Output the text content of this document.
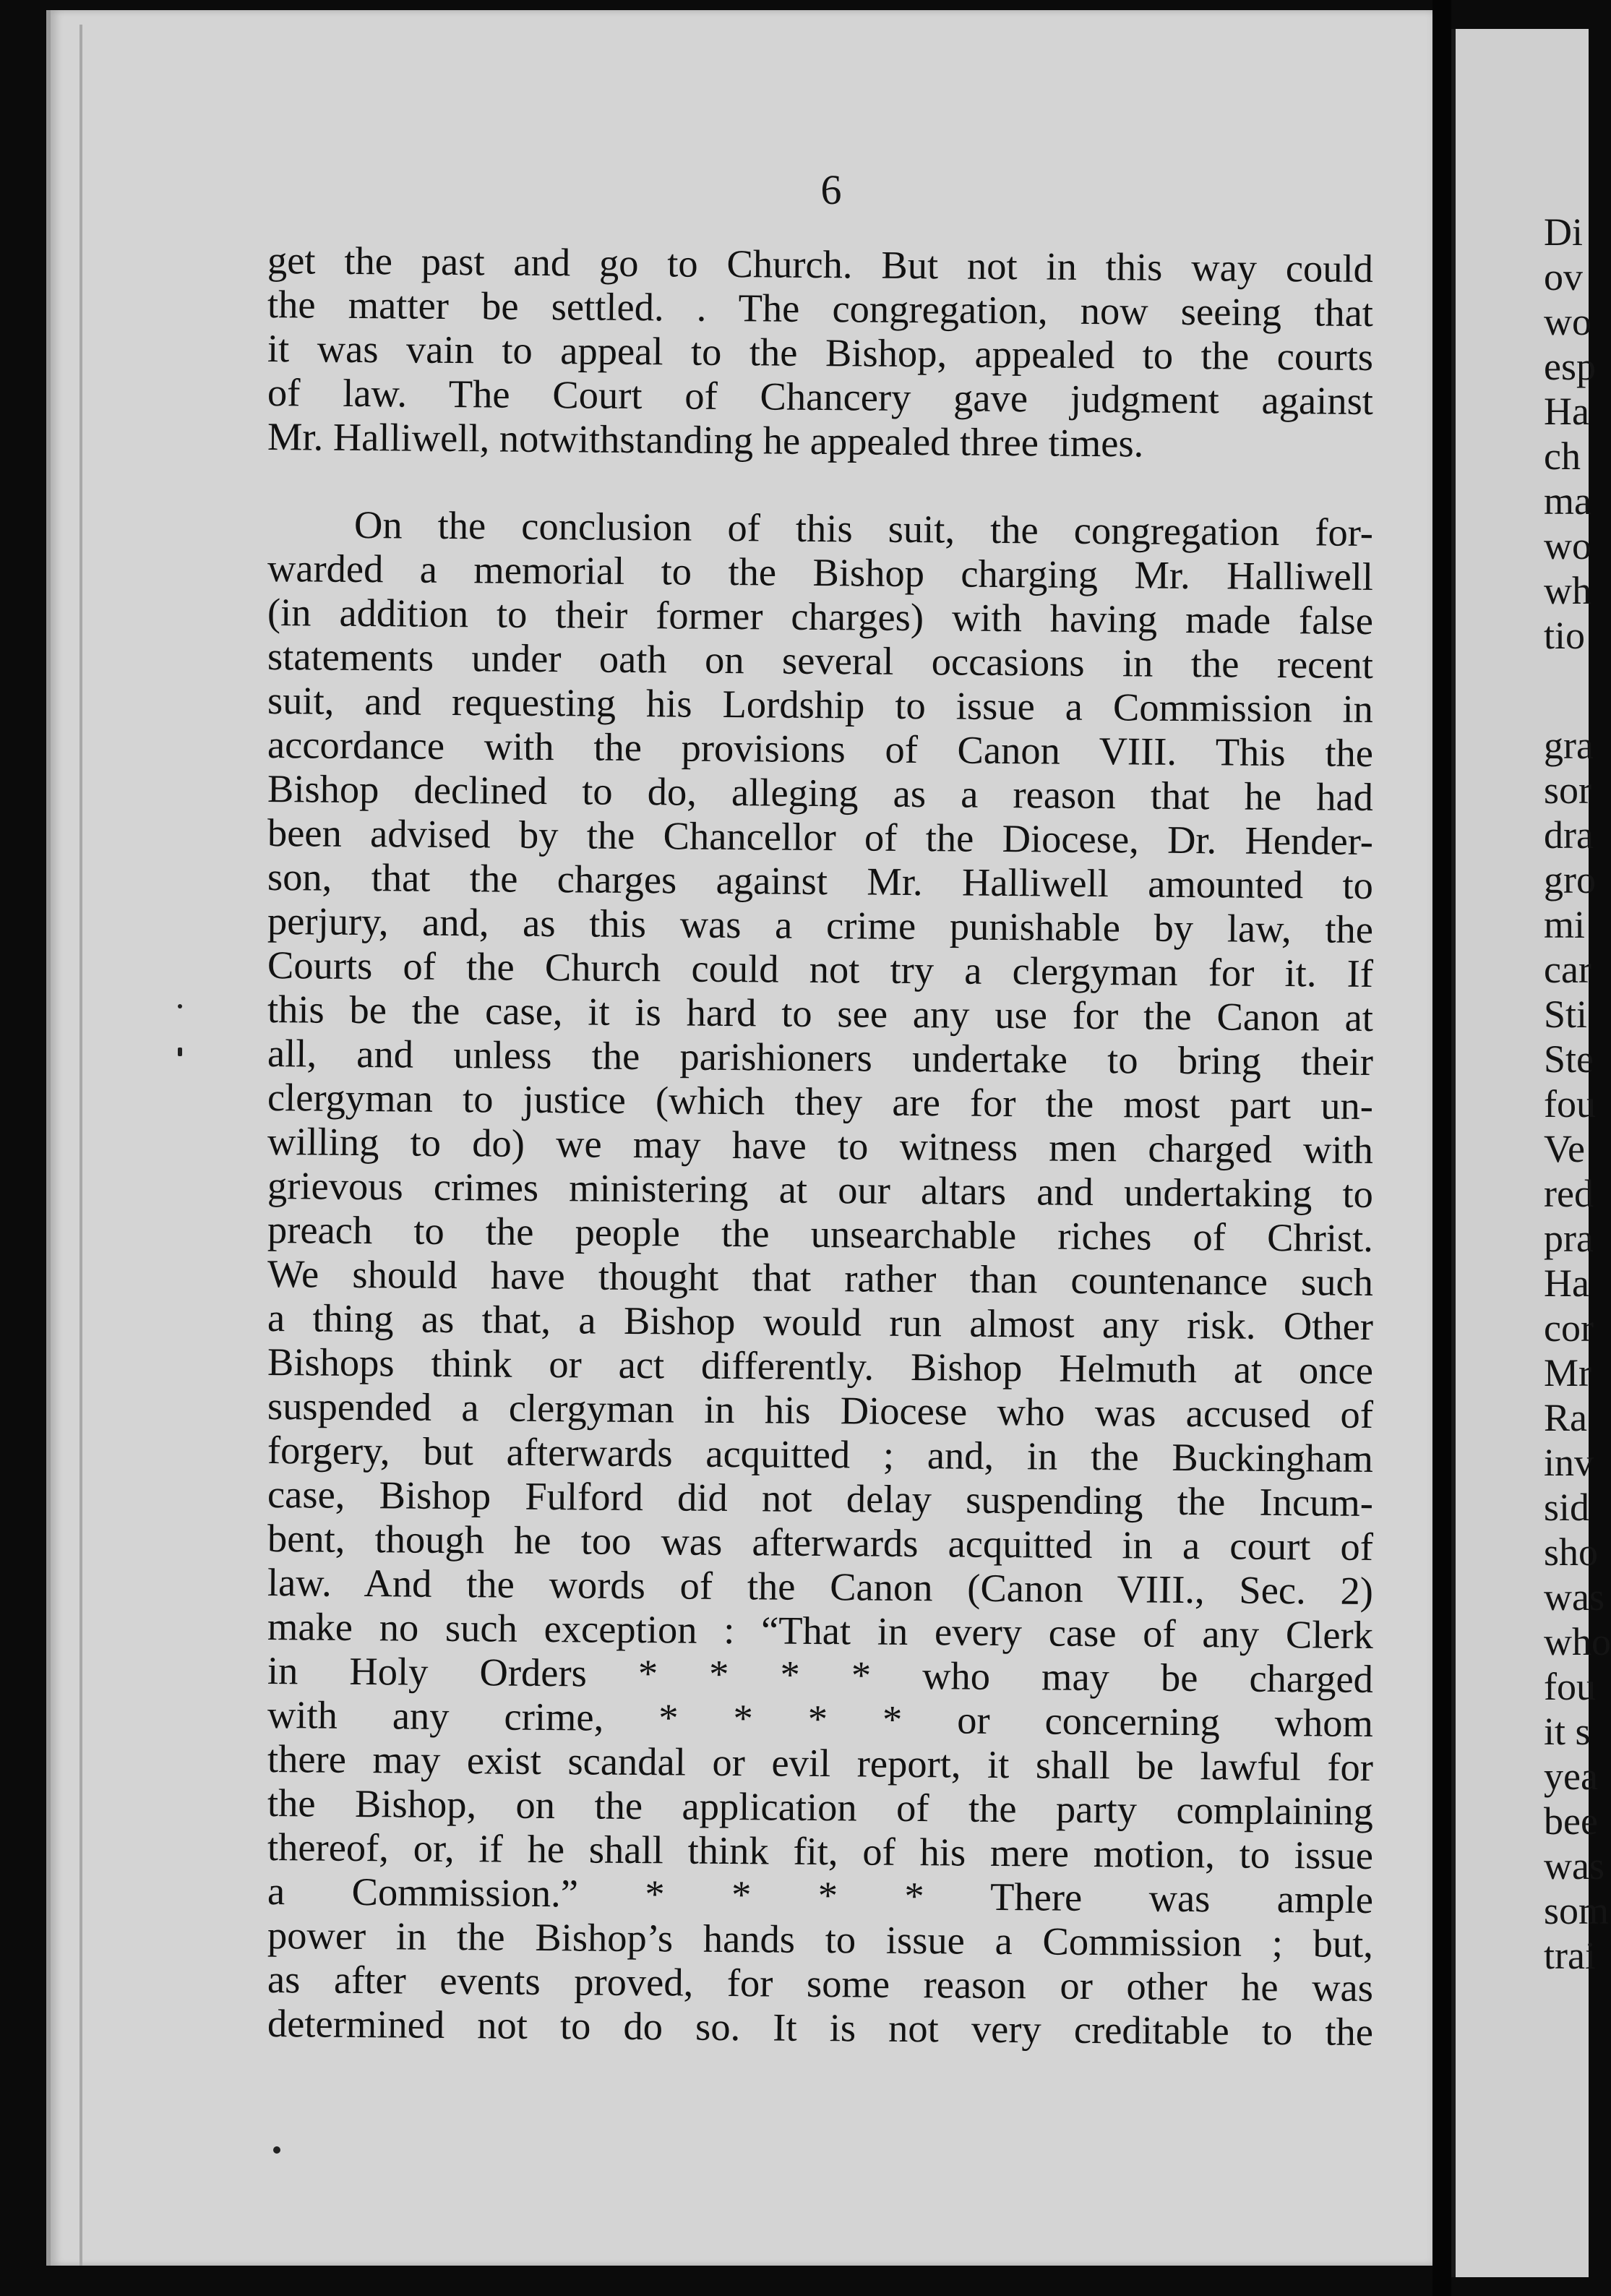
6
get the past and go to Church. But not in this way could
the matter be settled. . The congregation, now seeing that
it was vain to appeal to the Bishop, appealed to the courts
of law. The Court of Chancery gave judgment against
Mr. Halliwell, notwithstanding he appealed three times.
On the conclusion of this suit, the congregation for-
warded a memorial to the Bishop charging Mr. Halliwell
(in addition to their former charges) with having made false
statements under oath on several occasions in the recent
suit, and requesting his Lordship to issue a Commission in
accordance with the provisions of Canon VIII. This the
Bishop declined to do, alleging as a reason that he had
been advised by the Chancellor of the Diocese, Dr. Hender-
son, that the charges against Mr. Halliwell amounted to
perjury, and, as this was a crime punishable by law, the
Courts of the Church could not try a clergyman for it. If
this be the case, it is hard to see any use for the Canon at
all, and unless the parishioners undertake to bring their
clergyman to justice (which they are for the most part un-
willing to do) we may have to witness men charged with
grievous crimes ministering at our altars and undertaking to
preach to the people the unsearchable riches of Christ.
We should have thought that rather than countenance such
a thing as that, a Bishop would run almost any risk. Other
Bishops think or act differently. Bishop Helmuth at once
suspended a clergyman in his Diocese who was accused of
forgery, but afterwards acquitted ; and, in the Buckingham
case, Bishop Fulford did not delay suspending the Incum-
bent, though he too was afterwards acquitted in a court of
law. And the words of the Canon (Canon VIII., Sec. 2)
make no such exception : “That in every case of any Clerk
in Holy Orders * * * * who may be charged
with any crime, * * * * or concerning whom
there may exist scandal or evil report, it shall be lawful for
the Bishop, on the application of the party complaining
thereof, or, if he shall think fit, of his mere motion, to issue
a Commission.” * * * * There was ample
power in the Bishop’s hands to issue a Commission ; but,
as after events proved, for some reason or other he was
determined not to do so. It is not very creditable to the
Di
ov
wo
esp
Ha
ch
ma
wo
wh
tio
gra
sor
dra
gro
mi
car
Sti
Ste
fou
Ve
red
pra
Ha
cor
Mr
Ra
inv
sid
sho
was
who
fou
it s
yea
bee
was
som
trai
